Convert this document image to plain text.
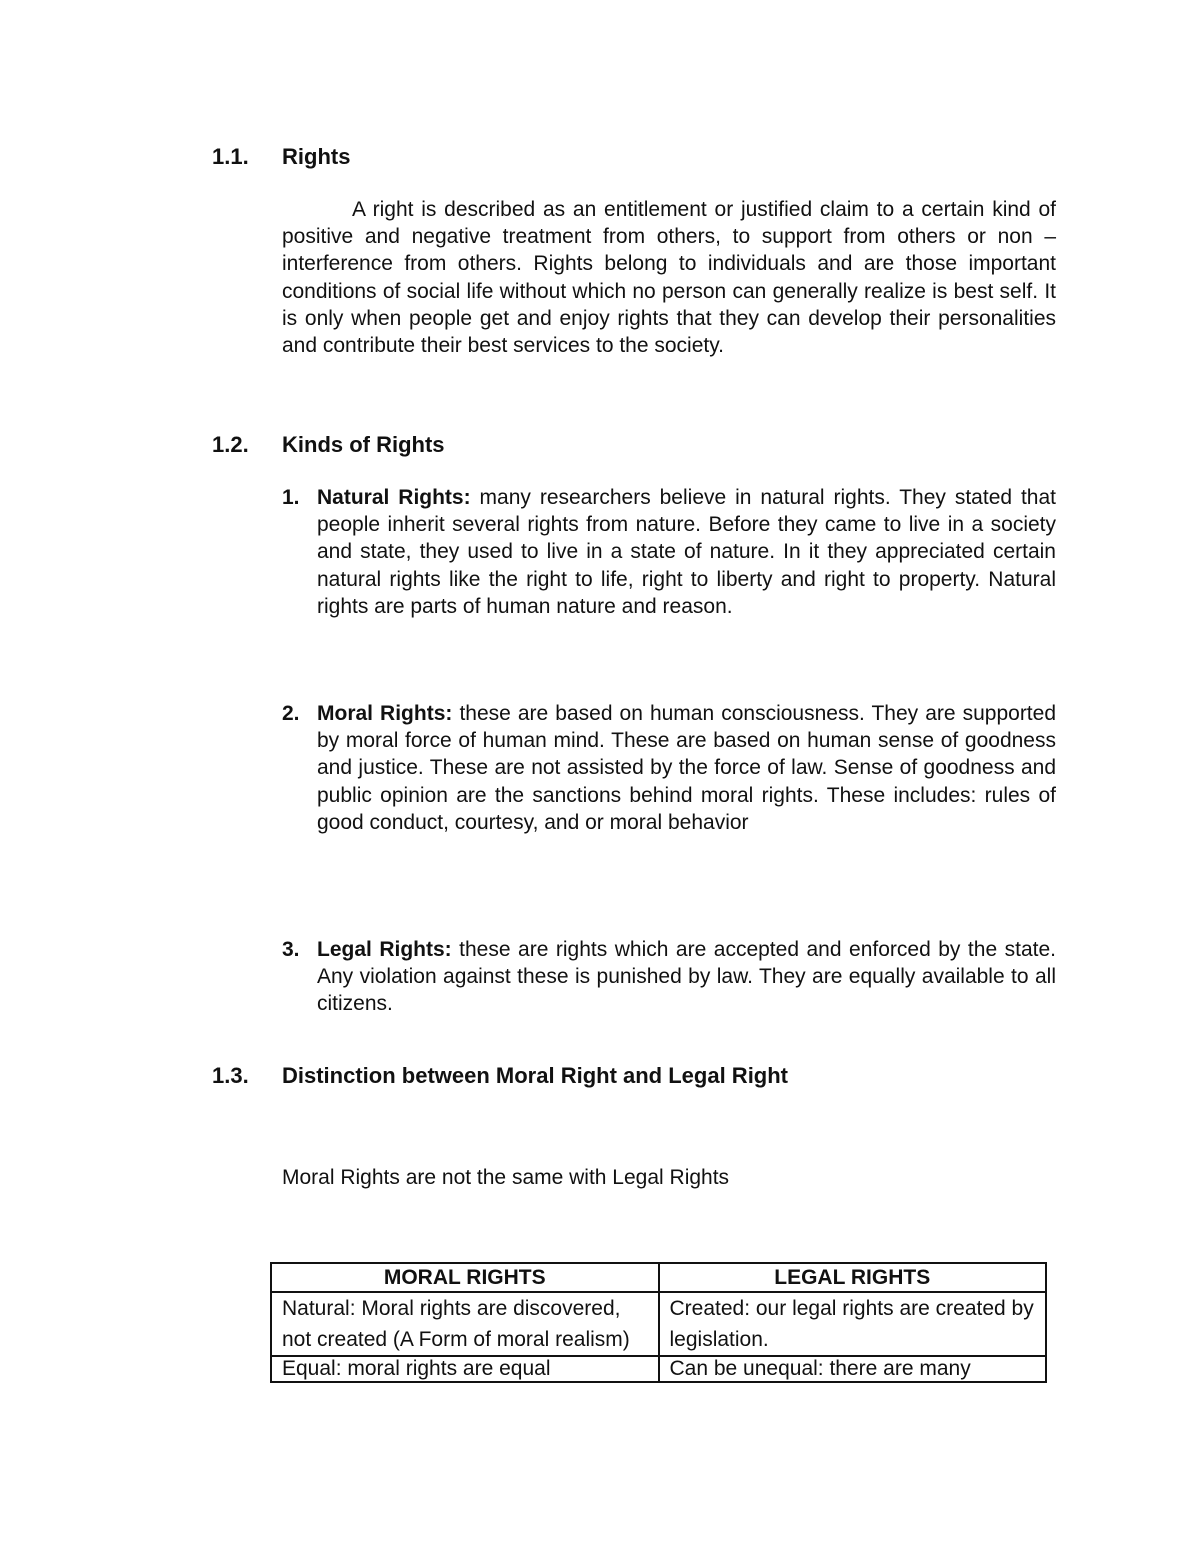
1.1. Rights
A right is described as an entitlement or justified claim to a certain kind of positive and negative treatment from others, to support from others or non – interference from others. Rights belong to individuals and are those important conditions of social life without which no person can generally realize is best self. It is only when people get and enjoy rights that they can develop their personalities and contribute their best services to the society.
1.2. Kinds of Rights
1. Natural Rights: many researchers believe in natural rights. They stated that people inherit several rights from nature. Before they came to live in a society and state, they used to live in a state of nature. In it they appreciated certain natural rights like the right to life, right to liberty and right to property. Natural rights are parts of human nature and reason.
2. Moral Rights: these are based on human consciousness. They are supported by moral force of human mind. These are based on human sense of goodness and justice. These are not assisted by the force of law. Sense of goodness and public opinion are the sanctions behind moral rights. These includes: rules of good conduct, courtesy, and or moral behavior
3. Legal Rights: these are rights which are accepted and enforced by the state. Any violation against these is punished by law. They are equally available to all citizens.
1.3. Distinction between Moral Right and Legal Right
Moral Rights are not the same with Legal Rights
MORAL RIGHTS	LEGAL RIGHTS
Natural: Moral rights are discovered, not created (A Form of moral realism)	Created: our legal rights are created by legislation.
Equal: moral rights are equal	Can be unequal: there are many
